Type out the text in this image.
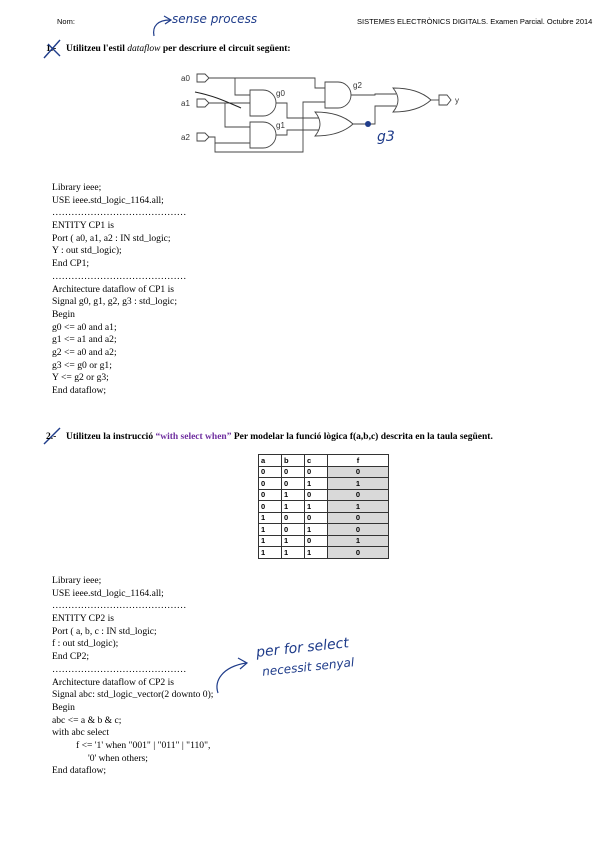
Nom:	SISTEMES ELECTRÒNICS DIGITALS. Examen Parcial. Octubre 2014
sense process
1.- Utilitzeu l'estil dataflow per descriure el circuit següent:
a0
a1
a2
g0
g1
g2
y
g3
Library ieee;
USE ieee.std_logic_1164.all;
……………………………………
ENTITY CP1 is
Port ( a0, a1, a2 : IN std_logic;
Y : out std_logic);
End CP1;
……………………………………
Architecture dataflow of CP1 is
Signal g0, g1, g2, g3 : std_logic;
Begin
g0 <= a0 and a1;
g1 <= a1 and a2;
g2 <= a0 and a2;
g3 <= g0 or g1;
Y <= g2 or g3;
End dataflow;
2.- Utilitzeu la instrucció “with select when” Per modelar la funció lògica f(a,b,c) descrita en la taula següent.
a	b	c	f
0	0	0	0
0	0	1	1
0	1	0	0
0	1	1	1
1	0	0	0
1	0	1	0
1	1	0	1
1	1	1	0
Library ieee;
USE ieee.std_logic_1164.all;
……………………………………
ENTITY CP2 is
Port ( a, b, c : IN std_logic;
f : out std_logic);
End CP2;
……………………………………
Architecture dataflow of CP2 is
Signal abc: std_logic_vector(2 downto 0);
Begin
abc <= a & b & c;
with abc select
f <= '1' when "001" | "011" | "110",
'0' when others;
End dataflow;
per for select
necessit senyal
